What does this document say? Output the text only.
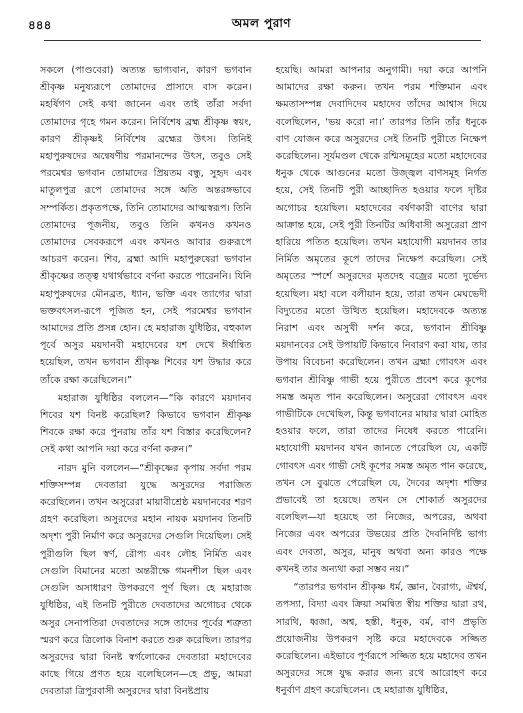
৪৪৪	অমল পুরাণ

সকলে (পাণ্ডবেরা) অত্যন্ত ভাগ্যবান, কারণ ভগবান শ্রীকৃষ্ণ মনুষ্যরূপে তোমাদের প্রাসাদে বাস করেন। মহর্ষিগণ সেই কথা জানেন এবং তাই তাঁরা সর্বদা তোমাদের গৃহে গমন করেন। নির্বিশেষ ব্রহ্ম শ্রীকৃষ্ণ স্বয়ং, কারণ শ্রীকৃষ্ণই নির্বিশেষ ব্রহ্মের উৎস। তিনিই মহাপুরুষদের অন্বেষণীয় পরমানন্দের উৎস, তবুও সেই পরমেশ্বর ভগবান তোমাদের প্রিয়তম বন্ধু, সুহৃদ এবং মাতুলপুত্র রূপে তোমাদের সঙ্গে অতি অন্তরঙ্গভাবে সম্পর্কিত। প্রকৃতপক্ষে, তিনি তোমাদের আত্মস্বরূপ। তিনি তোমাদের পূজনীয়, তবুও তিনি কখনও কখনও তোমাদের সেবকরূপে এবং কখনও আবার গুরুরূপে আচরণ করেন। শিব, ব্রহ্মা আদি মহাপুরুষেরা ভগবান শ্রীকৃষ্ণের তত্ত্ব যথার্থভাবে বর্ণনা করতে পারেননি। যিনি মহাপুরুষদের মৌনব্রত, ধ্যান, ভক্তি এবং ত্যাগের দ্বারা ভক্তবৎসল-রূপে পূজিত হন, সেই পরমেশ্বর ভগবান আমাদের প্রতি প্রসন্ন হোন। হে মহারাজ যুধিষ্ঠির, বহুকাল পূর্বে অসুর ময়দানবী মহাদেবের যশ দেখে ঈর্ষান্বিত হয়েছিল, তখন ভগবান শ্রীকৃষ্ণ শিবের যশ উদ্ধার করে তাঁকে রক্ষা করেছিলেন।”

মহারাজ যুধিষ্ঠির বললেন—“কি কারণে ময়দানব শিবের যশ বিনষ্ট করেছিল? কিভাবে ভগবান শ্রীকৃষ্ণ শিবকে রক্ষা করে পুনরায় তাঁর যশ বিস্তার করেছিলেন? সেই কথা আপনি দয়া করে বর্ণনা করুন।”

নারদ মুনি বললেন—“শ্রীকৃষ্ণের কৃপায় সর্বদা পরম শক্তিসম্পন্ন দেবতারা যুদ্ধে অসুরদের পরাজিত করেছিলেন। তখন অসুরেরা মায়াবীশ্রেষ্ঠ ময়দানবের শরণ গ্রহণ করেছিল। অসুরদের মহান নায়ক ময়দানব তিনটি অদৃশ্য পুরী নির্মাণ করে অসুরদের সেগুলি দিয়েছিল। সেই পুরীগুলি ছিল স্বর্ণ, রৌপ্য এবং লৌহ নির্মিত এবং সেগুলি বিমানের মতো অন্তরীক্ষে গমনশীল ছিল এবং সেগুলি অসাধারণ উপকরণে পূর্ণ ছিল। হে মহারাজ যুধিষ্ঠির, এই তিনটি পুরীতে দেবতাদের অগোচর থেকে অসুর সেনাপতিরা দেবতাদের সঙ্গে তাদের পূর্বের শত্রুতা স্মরণ করে ত্রিলোক বিনাশ করতে শুরু করেছিল। তারপর অসুরদের দ্বারা বিনষ্ট স্বর্গলোকের দেবতারা মহাদেবের কাছে গিয়ে প্রণত হয়ে বলেছিলেন—হে প্রভু, আমরা দেবতারা ত্রিপুরবাসী অসুরদের দ্বারা বিনষ্টপ্রায়

হয়েছি। আমরা আপনার অনুগামী। দয়া করে আপনি আমাদের রক্ষা করুন। তখন পরম শক্তিমান এবং ক্ষমতাসম্পন্ন দেবাদিদেব মহাদেব তাঁদের আশ্বাস দিয়ে বলেছিলেন, ‘ভয় করো না।’ তারপর তিনি তাঁর ধনুকে বাণ যোজন করে অসুরদের সেই তিনটি পুরীতে নিক্ষেপ করেছিলেন। সূর্যমণ্ডল থেকে রশ্মিসমূহের মতো মহাদেবের ধনুক থেকে আগুনের মতো উজ্জ্বল বাণসমূহ নির্গত হয়ে, সেই তিনটি পুরী আচ্ছাদিত হওয়ার ফলে দৃষ্টির অগোচর হয়েছিল। মহাদেবের বর্ষণকারী বাণের দ্বারা আক্রান্ত হয়ে, সেই পুরী তিনটির অধিবাসী অসুরেরা প্রাণ হারিয়ে পতিত হয়েছিল। তখন মহাযোগী ময়দানব তার নির্মিত অমৃতের কূপে তাদের নিক্ষেপ করেছিল। সেই অমৃতের স্পর্শে অসুরদের মৃতদেহ বজ্রের মতো দুর্ভেদ্য হয়েছিল। মহা বলে বলীয়ান হয়ে, তারা তখন মেঘভেদী বিদ্যুতের মতো উত্থিত হয়েছিল। মহাদেবকে অত্যন্ত নিরাশ এবং অসুখী দর্শন করে, ভগবান শ্রীবিষ্ণু ময়দানবের সেই উপায়টি কিভাবে নিবারণ করা যায়, তার উপায় বিবেচনা করেছিলেন। তখন ব্রহ্মা গোবৎস এবং ভগবান শ্রীবিষ্ণু গাভী হয়ে পুরীতে প্রবেশ করে কূপের সমস্ত অমৃত পান করেছিলেন। অসুরেরা গোবৎস এবং গাভীটিকে দেখেছিল, কিন্তু ভগবানের মায়ার দ্বারা মোহিত হওয়ার ফলে, তারা তাদের নিষেধ করতে পারেনি। মহাযোগী ময়দানব যখন জানতে পেরেছিল যে, একটি গোবৎস এবং গাভী সেই কূপের সমস্ত অমৃত পান করেছে, তখন সে বুঝতে পেরেছিল যে, দৈবের অদৃশ্য শক্তির প্রভাবেই তা হয়েছে। তখন সে শোকার্ত অসুরদের বলেছিল—যা হয়েছে তা নিজের, অপরের, অথবা নিজের এবং অপরের উভয়ের প্রতি দৈবনির্দিষ্ট ভাগ্য এবং দেবতা, অসুর, মানুষ অথবা অন্য কারও পক্ষে কখনই তার অন্যথা করা সম্ভব নয়।”

“তারপর ভগবান শ্রীকৃষ্ণ ধর্ম, জ্ঞান, বৈরাগ্য, ঐশ্বর্য, তপস্যা, বিদ্যা এবং ক্রিয়া সমন্বিত স্বীয় শক্তির দ্বারা রথ, সারথি, ধ্বজা, অশ্ব, হস্তী, ধনুক, বর্ম, বাণ প্রভৃতি প্রয়োজনীয় উপকরণ সৃষ্টি করে মহাদেবকে সজ্জিত করেছিলেন। এইভাবে পূর্ণরূপে সজ্জিত হয়ে মহাদেব তখন অসুরদের সঙ্গে যুদ্ধ করার জন্য রথে আরোহণ করে ধনুর্বাণ গ্রহণ করেছিলেন। হে মহারাজ যুধিষ্ঠির,
